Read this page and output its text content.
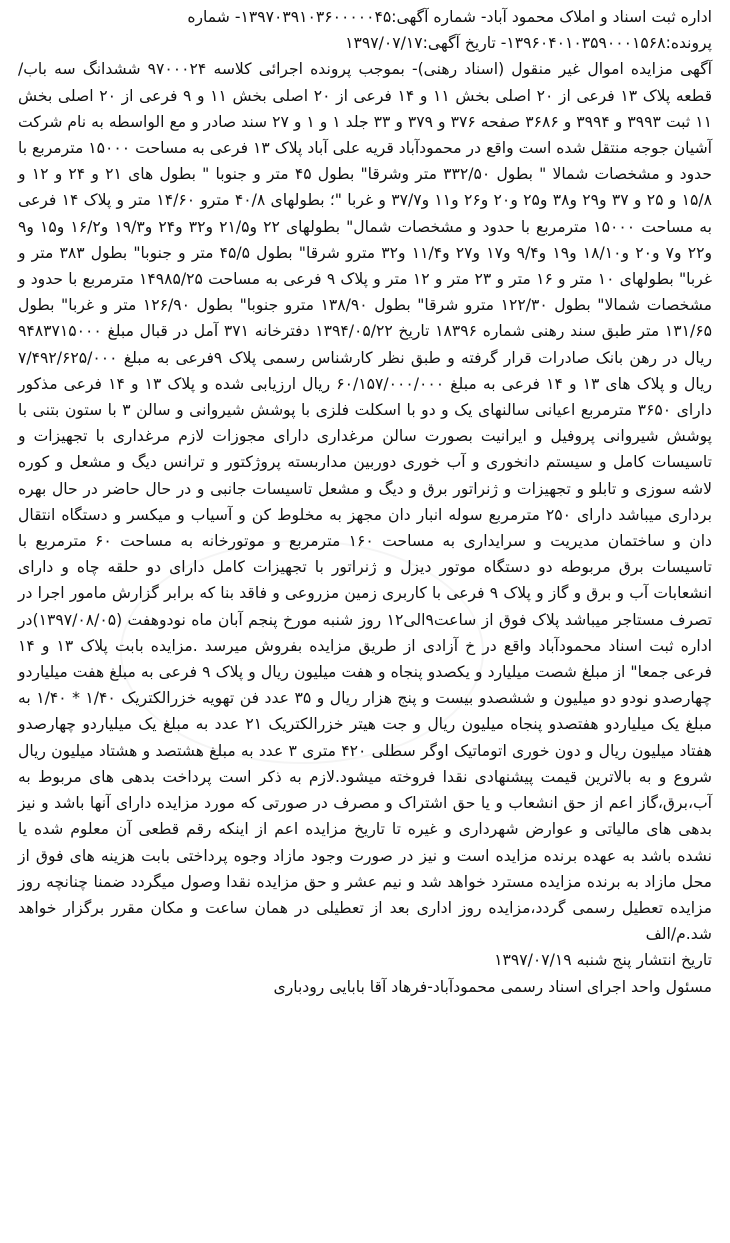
اداره ثبت اسناد و املاک محمود آباد- شماره آگهی:۱۳۹۷۰۳۹۱۰۳۶۰۰۰۰۰۴۵- شماره
پرونده:۱۳۹۶۰۴۰۱۰۳۵۹۰۰۰۱۵۶۸- تاریخ آگهی:۱۳۹۷/۰۷/۱۷

آگهی مزایده اموال غیر منقول (اسناد رهنی)- بموجب پرونده اجرائی کلاسه ۹۷۰۰۰۲۴ ششدانگ سه باب/قطعه پلاک ۱۳ فرعی از ۲۰ اصلی بخش ۱۱ و ۱۴ فرعی از ۲۰ اصلی بخش ۱۱ و ۹ فرعی از ۲۰ اصلی بخش ۱۱ ثبت ۳۹۹۳ و ۳۹۹۴ و ۳۶۸۶ صفحه ۳۷۶ و ۳۷۹ و ۳۳ جلد ۱ و ۱ و ۲۷ سند صادر و مع الواسطه به نام شرکت آشیان جوجه منتقل شده است واقع در محمودآباد قریه علی آباد پلاک ۱۳ فرعی به مساحت ۱۵۰۰۰ مترمربع با حدود و مشخصات شمالا " بطول ۳۳۲/۵۰ متر وشرقا" بطول ۴۵ متر و جنوبا " بطول های ۲۱ و ۲۴ و ۱۲ و ۱۵/۸ و ۲۵ و ۳۷ و۲۹ و۳۸ و۲۵ و۲۰ و۲۶ و۱۱ و۳۷/۷ و غربا "؛ بطولهای ۴۰/۸ مترو ۱۴/۶۰ متر و پلاک ۱۴ فرعی به مساحت ۱۵۰۰۰ مترمربع با حدود و مشخصات شمال" بطولهای ۲۲ و۲۱/۵ و۳۲ و۲۴ و۱۹/۳ و۱۶/۲ و۱۵ و۹ و۲۲ و۷ و۲۰ و۱۸/۱۰ و۱۹ و۹/۴ و۱۷ و۲۷ و۱۱/۴ و۳۲ مترو شرقا" بطول ۴۵/۵ متر و جنوبا" بطول ۳۸۳ متر و غربا" بطولهای ۱۰ متر و ۱۶ متر و ۲۳ متر و ۱۲ متر و پلاک ۹ فرعی به مساحت ۱۴۹۸۵/۲۵ مترمربع با حدود و مشخصات شمالا" بطول ۱۲۲/۳۰ مترو شرقا" بطول ۱۳۸/۹۰ مترو جنوبا" بطول ۱۲۶/۹۰ متر و غربا" بطول ۱۳۱/۶۵ متر طبق سند رهنی شماره ۱۸۳۹۶ تاریخ ۱۳۹۴/۰۵/۲۲ دفترخانه ۳۷۱ آمل در قبال مبلغ ۹۴۸۳۷۱۵۰۰۰ ریال در رهن بانک صادرات قرار گرفته و طبق نظر کارشناس رسمی پلاک ۹فرعی به مبلغ ۷/۴۹۲/۶۲۵/۰۰۰ ریال و پلاک های ۱۳ و ۱۴ فرعی به مبلغ ۶۰/۱۵۷/۰۰۰/۰۰۰ ریال ارزیابی شده و پلاک ۱۳ و ۱۴ فرعی مذکور دارای ۳۶۵۰ مترمربع اعیانی سالنهای یک و دو با اسکلت فلزی با پوشش شیروانی و سالن ۳ با ستون بتنی با پوشش شیروانی پروفیل و ایرانیت بصورت سالن مرغداری دارای مجوزات لازم مرغداری با تجهیزات و تاسیسات کامل و سیستم دانخوری و آب خوری دوربین مداربسته پروژکتور و ترانس دیگ و مشعل و کوره لاشه سوزی و تابلو و تجهیزات و ژنراتور برق و دیگ و مشعل تاسیسات جانبی و در حال حاضر در حال بهره برداری میباشد دارای ۲۵۰ مترمربع سوله انبار دان مجهز به مخلوط کن و آسیاب و میکسر و دستگاه انتقال دان و ساختمان مدیریت و سرایداری به مساحت ۱۶۰ مترمربع و موتورخانه به مساحت ۶۰ مترمربع با تاسیسات برق مربوطه دو دستگاه موتور دیزل و ژنراتور با تجهیزات کامل دارای دو حلقه چاه و دارای انشعابات آب و برق و گاز و پلاک ۹ فرعی با کاربری زمین مزروعی و فاقد بنا که برابر گزارش مامور اجرا در تصرف مستاجر میباشد پلاک فوق از ساعت۹الی۱۲ روز شنبه مورخ پنجم آبان ماه نودوهفت (۱۳۹۷/۰۸/۰۵)در اداره ثبت اسناد محمودآباد واقع در خ آزادی از طریق مزایده بفروش میرسد .مزایده بابت پلاک ۱۳ و ۱۴ فرعی جمعا" از مبلغ شصت میلیارد و یکصدو پنجاه و هفت میلیون ریال و پلاک ۹ فرعی به مبلغ هفت میلیاردو چهارصدو نودو دو میلیون و ششصدو بیست و پنج هزار ریال و ۳۵ عدد فن تهویه خزرالکتریک ۱/۴۰ * ۱/۴۰ به مبلغ یک میلیاردو هفتصدو پنجاه میلیون ریال و جت هیتر خزرالکتریک ۲۱ عدد به مبلغ یک میلیاردو چهارصدو هفتاد میلیون ریال و دون خوری اتوماتیک اوگر سطلی ۴۲۰ متری ۳ عدد به مبلغ هشتصد و هشتاد میلیون ریال شروع و به بالاترین قیمت پیشنهادی نقدا فروخته میشود.لازم به ذکر است پرداخت بدهی های مربوط به آب،برق،گاز اعم از حق انشعاب و یا حق اشتراک و مصرف در صورتی که مورد مزایده دارای آنها باشد و نیز بدهی های مالیاتی و عوارض شهرداری و غیره تا تاریخ مزایده اعم از اینکه رقم قطعی آن معلوم شده یا نشده باشد به عهده برنده مزایده است و نیز در صورت وجود مازاد وجوه پرداختی بابت هزینه های فوق از محل مازاد به برنده مزایده مسترد خواهد شد و نیم عشر و حق مزایده نقدا وصول میگردد ضمنا چنانچه روز مزایده تعطیل رسمی گردد،مزایده روز اداری بعد از تعطیلی در همان ساعت و مکان مقرر برگزار خواهد شد.م/الف

تاریخ انتشار پنج شنبه ۱۳۹۷/۰۷/۱۹

مسئول واحد اجرای اسناد رسمی محمودآباد-فرهاد آقا بابایی رودباری
